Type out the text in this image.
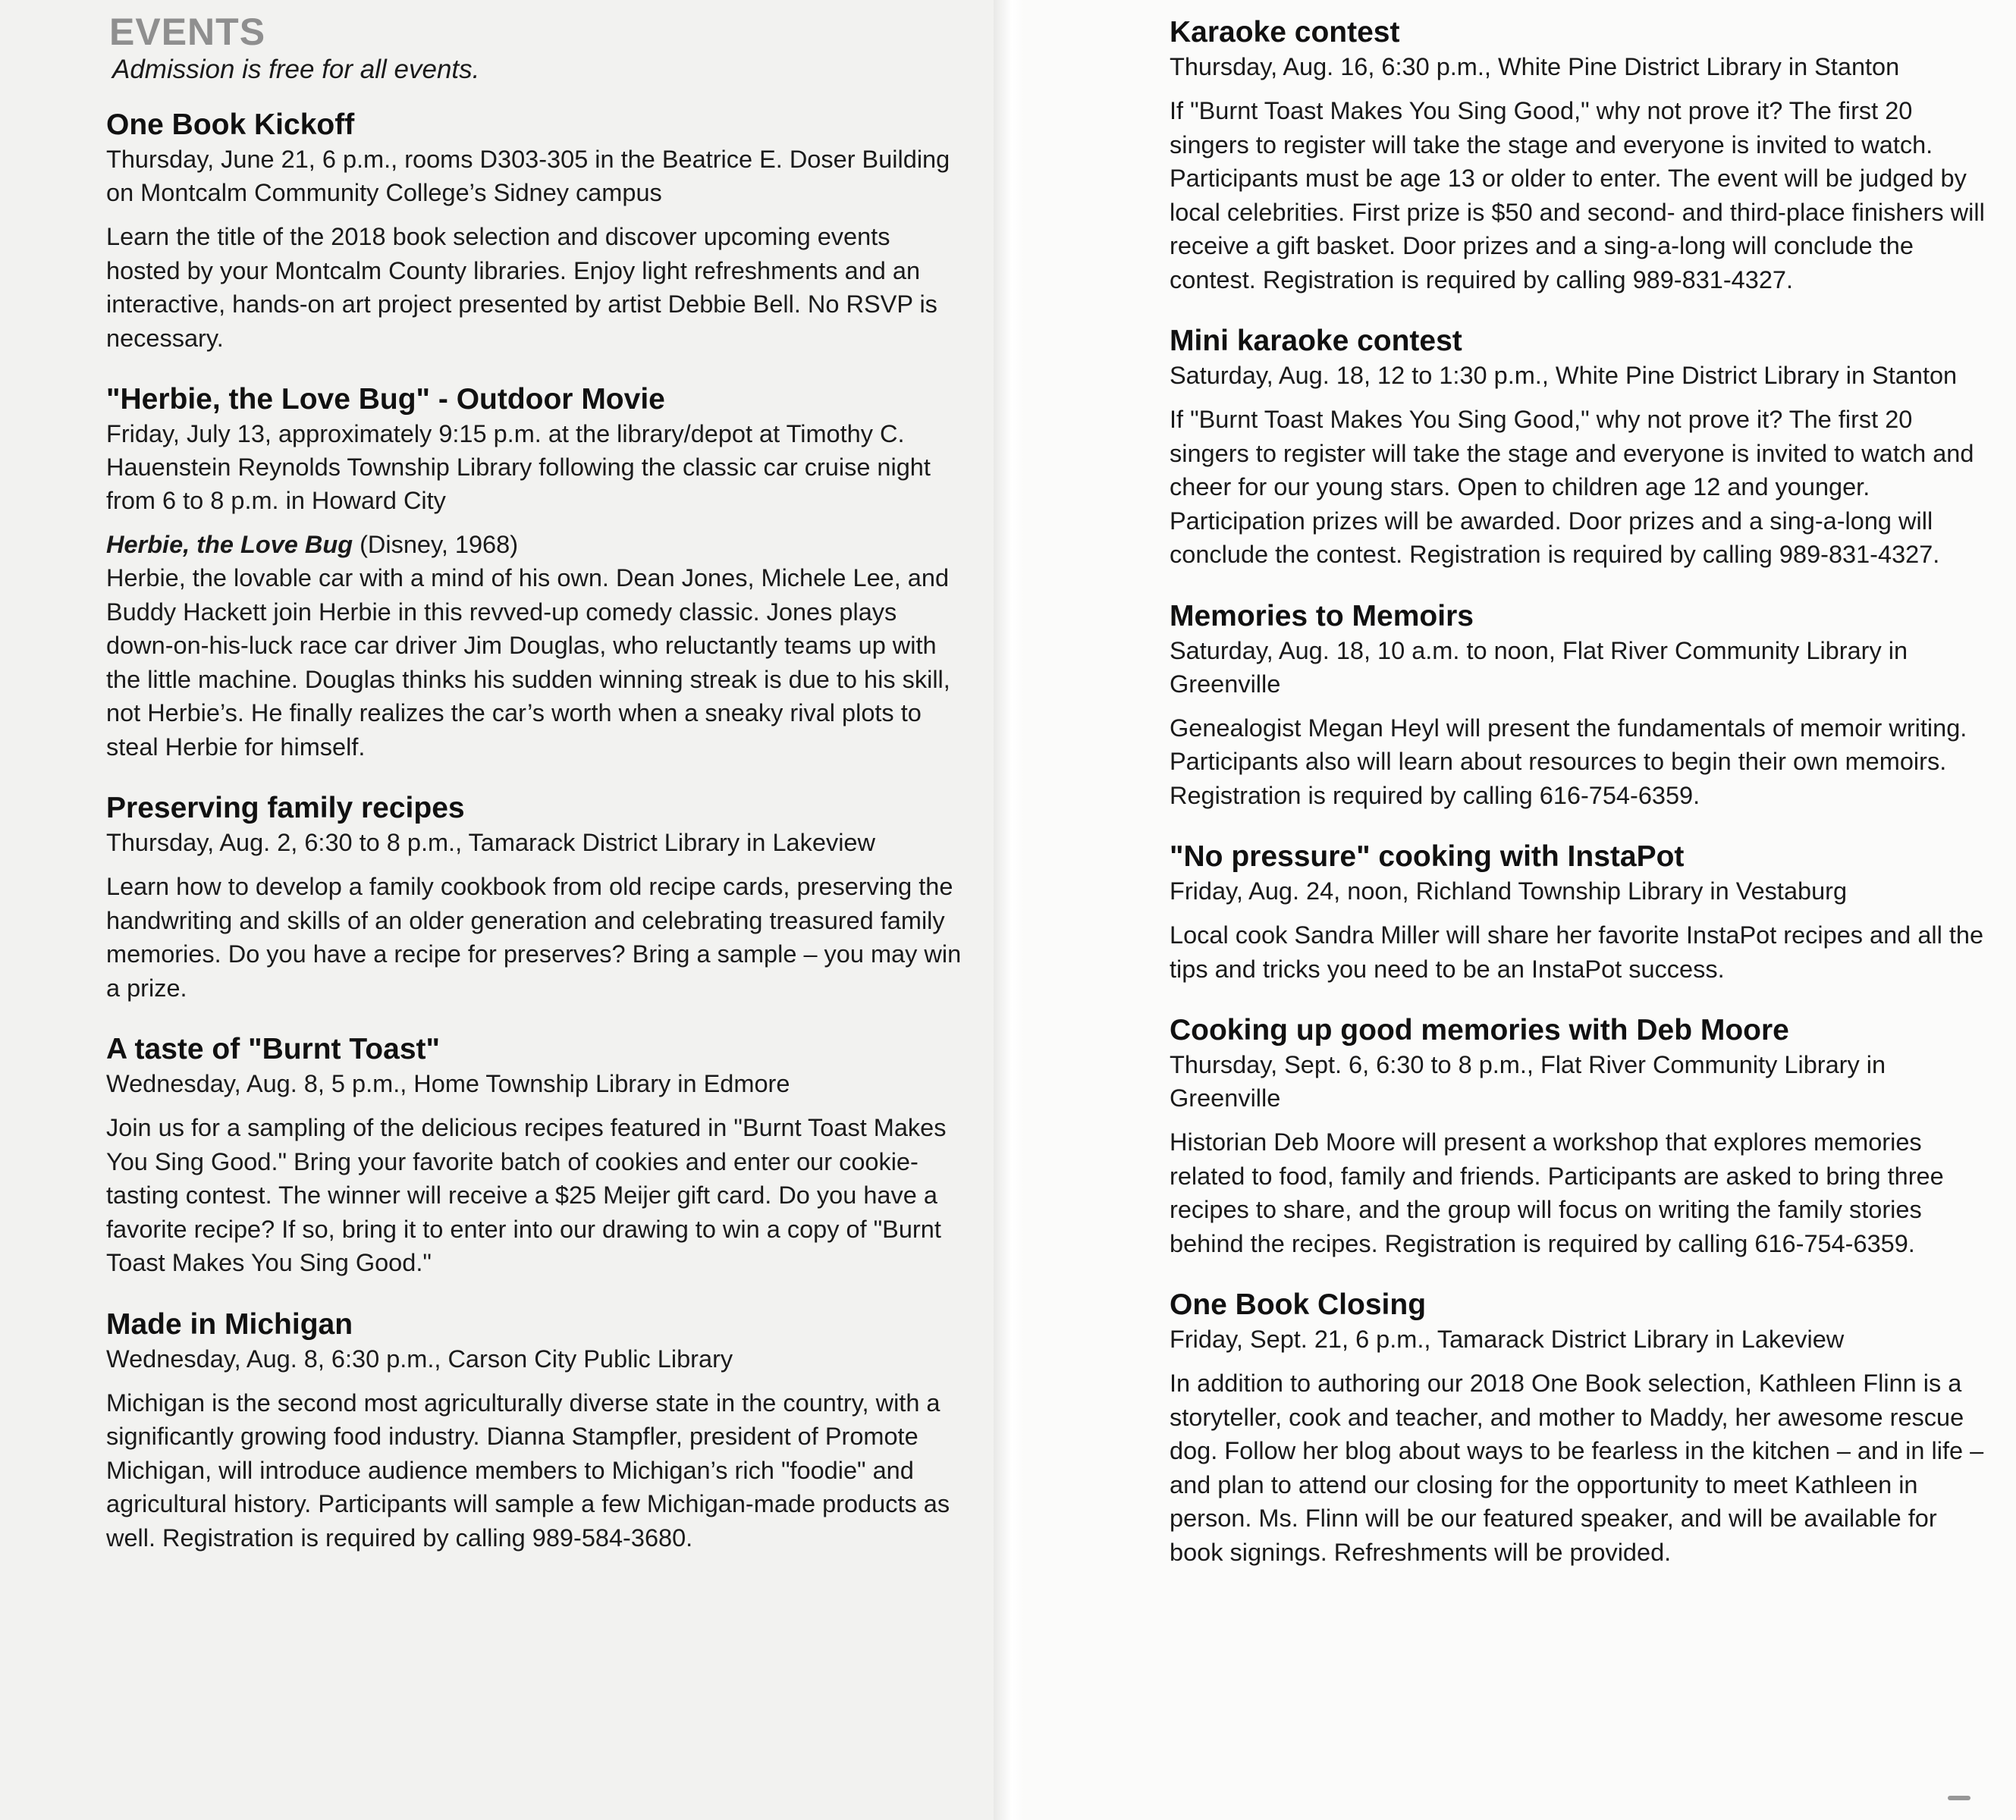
EVENTS
Admission is free for all events.
One Book Kickoff
Thursday, June 21, 6 p.m., rooms D303-305 in the Beatrice E. Doser Building on Montcalm Community College’s Sidney campus
Learn the title of the 2018 book selection and discover upcoming events hosted by your Montcalm County libraries. Enjoy light refreshments and an interactive, hands-on art project presented by artist Debbie Bell. No RSVP is necessary.
"Herbie, the Love Bug" - Outdoor Movie
Friday, July 13, approximately 9:15 p.m. at the library/depot at Timothy C. Hauenstein Reynolds Township Library following the classic car cruise night from 6 to 8 p.m. in Howard City
Herbie, the Love Bug (Disney, 1968)
Herbie, the lovable car with a mind of his own. Dean Jones, Michele Lee, and Buddy Hackett join Herbie in this revved-up comedy classic. Jones plays down-on-his-luck race car driver Jim Douglas, who reluctantly teams up with the little machine. Douglas thinks his sudden winning streak is due to his skill, not Herbie’s. He finally realizes the car’s worth when a sneaky rival plots to steal Herbie for himself.
Preserving family recipes
Thursday, Aug. 2, 6:30 to 8 p.m., Tamarack District Library in Lakeview
Learn how to develop a family cookbook from old recipe cards, preserving the handwriting and skills of an older generation and celebrating treasured family memories. Do you have a recipe for preserves? Bring a sample – you may win a prize.
A taste of "Burnt Toast"
Wednesday, Aug. 8, 5 p.m., Home Township Library in Edmore
Join us for a sampling of the delicious recipes featured in "Burnt Toast Makes You Sing Good." Bring your favorite batch of cookies and enter our cookie-tasting contest. The winner will receive a $25 Meijer gift card. Do you have a favorite recipe? If so, bring it to enter into our drawing to win a copy of "Burnt Toast Makes You Sing Good."
Made in Michigan
Wednesday, Aug. 8, 6:30 p.m., Carson City Public Library
Michigan is the second most agriculturally diverse state in the country, with a significantly growing food industry. Dianna Stampfler, president of Promote Michigan, will introduce audience members to Michigan’s rich "foodie" and agricultural history. Participants will sample a few Michigan-made products as well. Registration is required by calling 989-584-3680.
Karaoke contest
Thursday, Aug. 16, 6:30 p.m., White Pine District Library in Stanton
If "Burnt Toast Makes You Sing Good," why not prove it? The first 20 singers to register will take the stage and everyone is invited to watch. Participants must be age 13 or older to enter. The event will be judged by local celebrities. First prize is $50 and second- and third-place finishers will receive a gift basket. Door prizes and a sing-a-long will conclude the contest. Registration is required by calling 989-831-4327.
Mini karaoke contest
Saturday, Aug. 18, 12 to 1:30 p.m., White Pine District Library in Stanton
If "Burnt Toast Makes You Sing Good," why not prove it? The first 20 singers to register will take the stage and everyone is invited to watch and cheer for our young stars. Open to children age 12 and younger. Participation prizes will be awarded. Door prizes and a sing-a-long will conclude the contest. Registration is required by calling 989-831-4327.
Memories to Memoirs
Saturday, Aug. 18, 10 a.m. to noon, Flat River Community Library in Greenville
Genealogist Megan Heyl will present the fundamentals of memoir writing. Participants also will learn about resources to begin their own memoirs. Registration is required by calling 616-754-6359.
"No pressure" cooking with InstaPot
Friday, Aug. 24, noon, Richland Township Library in Vestaburg
Local cook Sandra Miller will share her favorite InstaPot recipes and all the tips and tricks you need to be an InstaPot success.
Cooking up good memories with Deb Moore
Thursday, Sept. 6, 6:30 to 8 p.m., Flat River Community Library in Greenville
Historian Deb Moore will present a workshop that explores memories related to food, family and friends. Participants are asked to bring three recipes to share, and the group will focus on writing the family stories behind the recipes. Registration is required by calling 616-754-6359.
One Book Closing
Friday, Sept. 21, 6 p.m., Tamarack District Library in Lakeview
In addition to authoring our 2018 One Book selection, Kathleen Flinn is a storyteller, cook and teacher, and mother to Maddy, her awesome rescue dog. Follow her blog about ways to be fearless in the kitchen – and in life – and plan to attend our closing for the opportunity to meet Kathleen in person. Ms. Flinn will be our featured speaker, and will be available for book signings. Refreshments will be provided.
